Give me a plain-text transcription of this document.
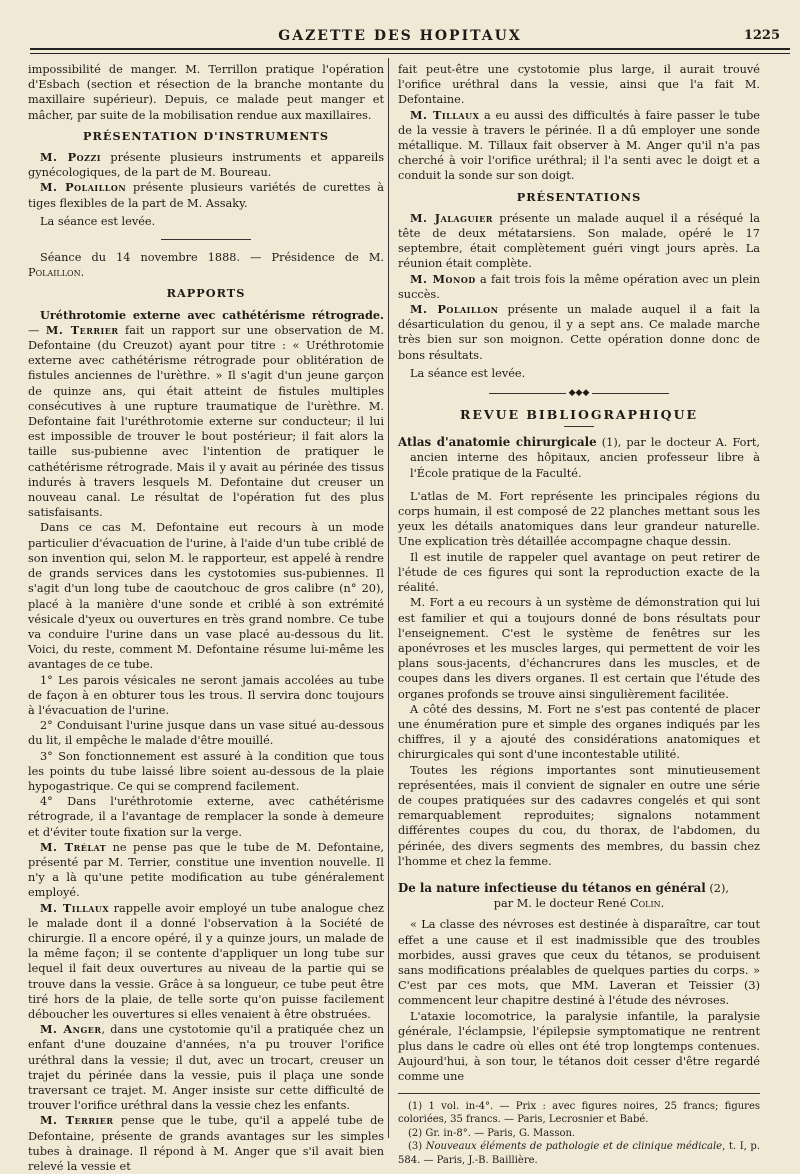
GAZETTE DES HOPITAUX	1225

impossibilité de manger. M. Terrillon pratique l'opération d'Esbach (section et résection de la branche montante du maxillaire supérieur). Depuis, ce malade peut manger et mâcher, par suite de la mobilisation rendue aux maxillaires.

PRÉSENTATION D'INSTRUMENTS

M. Pozzi présente plusieurs instruments et appareils gynécologiques, de la part de M. Boureau.

M. Polaillon présente plusieurs variétés de curettes à tiges flexibles de la part de M. Assaky.

La séance est levée.

Séance du 14 novembre 1888. — Présidence de M. Polaillon.

RAPPORTS

Uréthrotomie externe avec cathétérisme rétrograde. — M. Terrier fait un rapport sur une observation de M. Defontaine (du Creuzot) ayant pour titre : « Uréthrotomie externe avec cathétérisme rétrograde pour oblitération de fistules anciennes de l'urèthre. » Il s'agit d'un jeune garçon de quinze ans, qui était atteint de fistules multiples consécutives à une rupture traumatique de l'urèthre. M. Defontaine fait l'uréthrotomie externe sur conducteur; il lui est impossible de trouver le bout postérieur; il fait alors la taille sus-pubienne avec l'intention de pratiquer le cathétérisme rétrograde. Mais il y avait au périnée des tissus indurés à travers lesquels M. Defontaine dut creuser un nouveau canal. Le résultat de l'opération fut des plus satisfaisants.

Dans ce cas M. Defontaine eut recours à un mode particulier d'évacuation de l'urine, à l'aide d'un tube criblé de son invention qui, selon M. le rapporteur, est appelé à rendre de grands services dans les cystotomies sus-pubiennes. Il s'agit d'un long tube de caoutchouc de gros calibre (n° 20), placé à la manière d'une sonde et criblé à son extrémité vésicale d'yeux ou ouvertures en très grand nombre. Ce tube va conduire l'urine dans un vase placé au-dessous du lit. Voici, du reste, comment M. Defontaine résume lui-même les avantages de ce tube.

1° Les parois vésicales ne seront jamais accolées au tube de façon à en obturer tous les trous. Il servira donc toujours à l'évacuation de l'urine.

2° Conduisant l'urine jusque dans un vase situé au-dessous du lit, il empêche le malade d'être mouillé.

3° Son fonctionnement est assuré à la condition que tous les points du tube laissé libre soient au-dessous de la plaie hypogastrique. Ce qui se comprend facilement.

4° Dans l'uréthrotomie externe, avec cathétérisme rétrograde, il a l'avantage de remplacer la sonde à demeure et d'éviter toute fixation sur la verge.

M. Trélat ne pense pas que le tube de M. Defontaine, présenté par M. Terrier, constitue une invention nouvelle. Il n'y a là qu'une petite modification au tube généralement employé.

M. Tillaux rappelle avoir employé un tube analogue chez le malade dont il a donné l'observation à la Société de chirurgie. Il a encore opéré, il y a quinze jours, un malade de la même façon; il se contente d'appliquer un long tube sur lequel il fait deux ouvertures au niveau de la partie qui se trouve dans la vessie. Grâce à sa longueur, ce tube peut être tiré hors de la plaie, de telle sorte qu'on puisse facilement déboucher les ouvertures si elles venaient à être obstruées.

M. Anger, dans une cystotomie qu'il a pratiquée chez un enfant d'une douzaine d'années, n'a pu trouver l'orifice uréthral dans la vessie; il dut, avec un trocart, creuser un trajet du périnée dans la vessie, puis il plaça une sonde traversant ce trajet. M. Anger insiste sur cette difficulté de trouver l'orifice uréthral dans la vessie chez les enfants.

M. Terrier pense que le tube, qu'il a appelé tube de Defontaine, présente de grands avantages sur les simples tubes à drainage. Il répond à M. Anger que s'il avait bien relevé la vessie et

fait peut-être une cystotomie plus large, il aurait trouvé l'orifice uréthral dans la vessie, ainsi que l'a fait M. Defontaine.

M. Tillaux a eu aussi des difficultés à faire passer le tube de la vessie à travers le périnée. Il a dû employer une sonde métallique. M. Tillaux fait observer à M. Anger qu'il n'a pas cherché à voir l'orifice uréthral; il l'a senti avec le doigt et a conduit la sonde sur son doigt.

PRÉSENTATIONS

M. Jalaguier présente un malade auquel il a réséqué la tête de deux métatarsiens. Son malade, opéré le 17 septembre, était complètement guéri vingt jours après. La réunion était complète.

M. Monod a fait trois fois la même opération avec un plein succès.

M. Polaillon présente un malade auquel il a fait la désarticulation du genou, il y a sept ans. Ce malade marche très bien sur son moignon. Cette opération donne donc de bons résultats.

La séance est levée.

◆◆◆
REVUE BIBLIOGRAPHIQUE

Atlas d'anatomie chirurgicale (1), par le docteur A. Fort, ancien interne des hôpitaux, ancien professeur libre à l'École pratique de la Faculté.

L'atlas de M. Fort représente les principales régions du corps humain, il est composé de 22 planches mettant sous les yeux les détails anatomiques dans leur grandeur naturelle. Une explication très détaillée accompagne chaque dessin.

Il est inutile de rappeler quel avantage on peut retirer de l'étude de ces figures qui sont la reproduction exacte de la réalité.

M. Fort a eu recours à un système de démonstration qui lui est familier et qui a toujours donné de bons résultats pour l'enseignement. C'est le système de fenêtres sur les aponévroses et les muscles larges, qui permettent de voir les plans sous-jacents, d'échancrures dans les muscles, et de coupes dans les divers organes. Il est certain que l'étude des organes profonds se trouve ainsi singulièrement facilitée.

A côté des dessins, M. Fort ne s'est pas contenté de placer une énumération pure et simple des organes indiqués par les chiffres, il y a ajouté des considérations anatomiques et chirurgicales qui sont d'une incontestable utilité.

Toutes les régions importantes sont minutieusement représentées, mais il convient de signaler en outre une série de coupes pratiquées sur des cadavres congelés et qui sont remarquablement reproduites; signalons notamment différentes coupes du cou, du thorax, de l'abdomen, du périnée, des divers segments des membres, du bassin chez l'homme et chez la femme.

De la nature infectieuse du tétanos en général (2),

par M. le docteur René Colin.

« La classe des névroses est destinée à disparaître, car tout effet a une cause et il est inadmissible que des troubles morbides, aussi graves que ceux du tétanos, se produisent sans modifications préalables de quelques parties du corps. » C'est par ces mots, que MM. Laveran et Teissier (3) commencent leur chapitre destiné à l'étude des névroses.

L'ataxie locomotrice, la paralysie infantile, la paralysie générale, l'éclampsie, l'épilepsie symptomatique ne rentrent plus dans le cadre où elles ont été trop longtemps contenues. Aujourd'hui, à son tour, le tétanos doit cesser d'être regardé comme une

(1) 1 vol. in-4°. — Prix : avec figures noires, 25 francs; figures coloriées, 35 francs. — Paris, Lecrosnier et Babé.

(2) Gr. in-8°. — Paris, G. Masson.

(3) Nouveaux éléments de pathologie et de clinique médicale, t. I, p. 584. — Paris, J.-B. Baillière.
